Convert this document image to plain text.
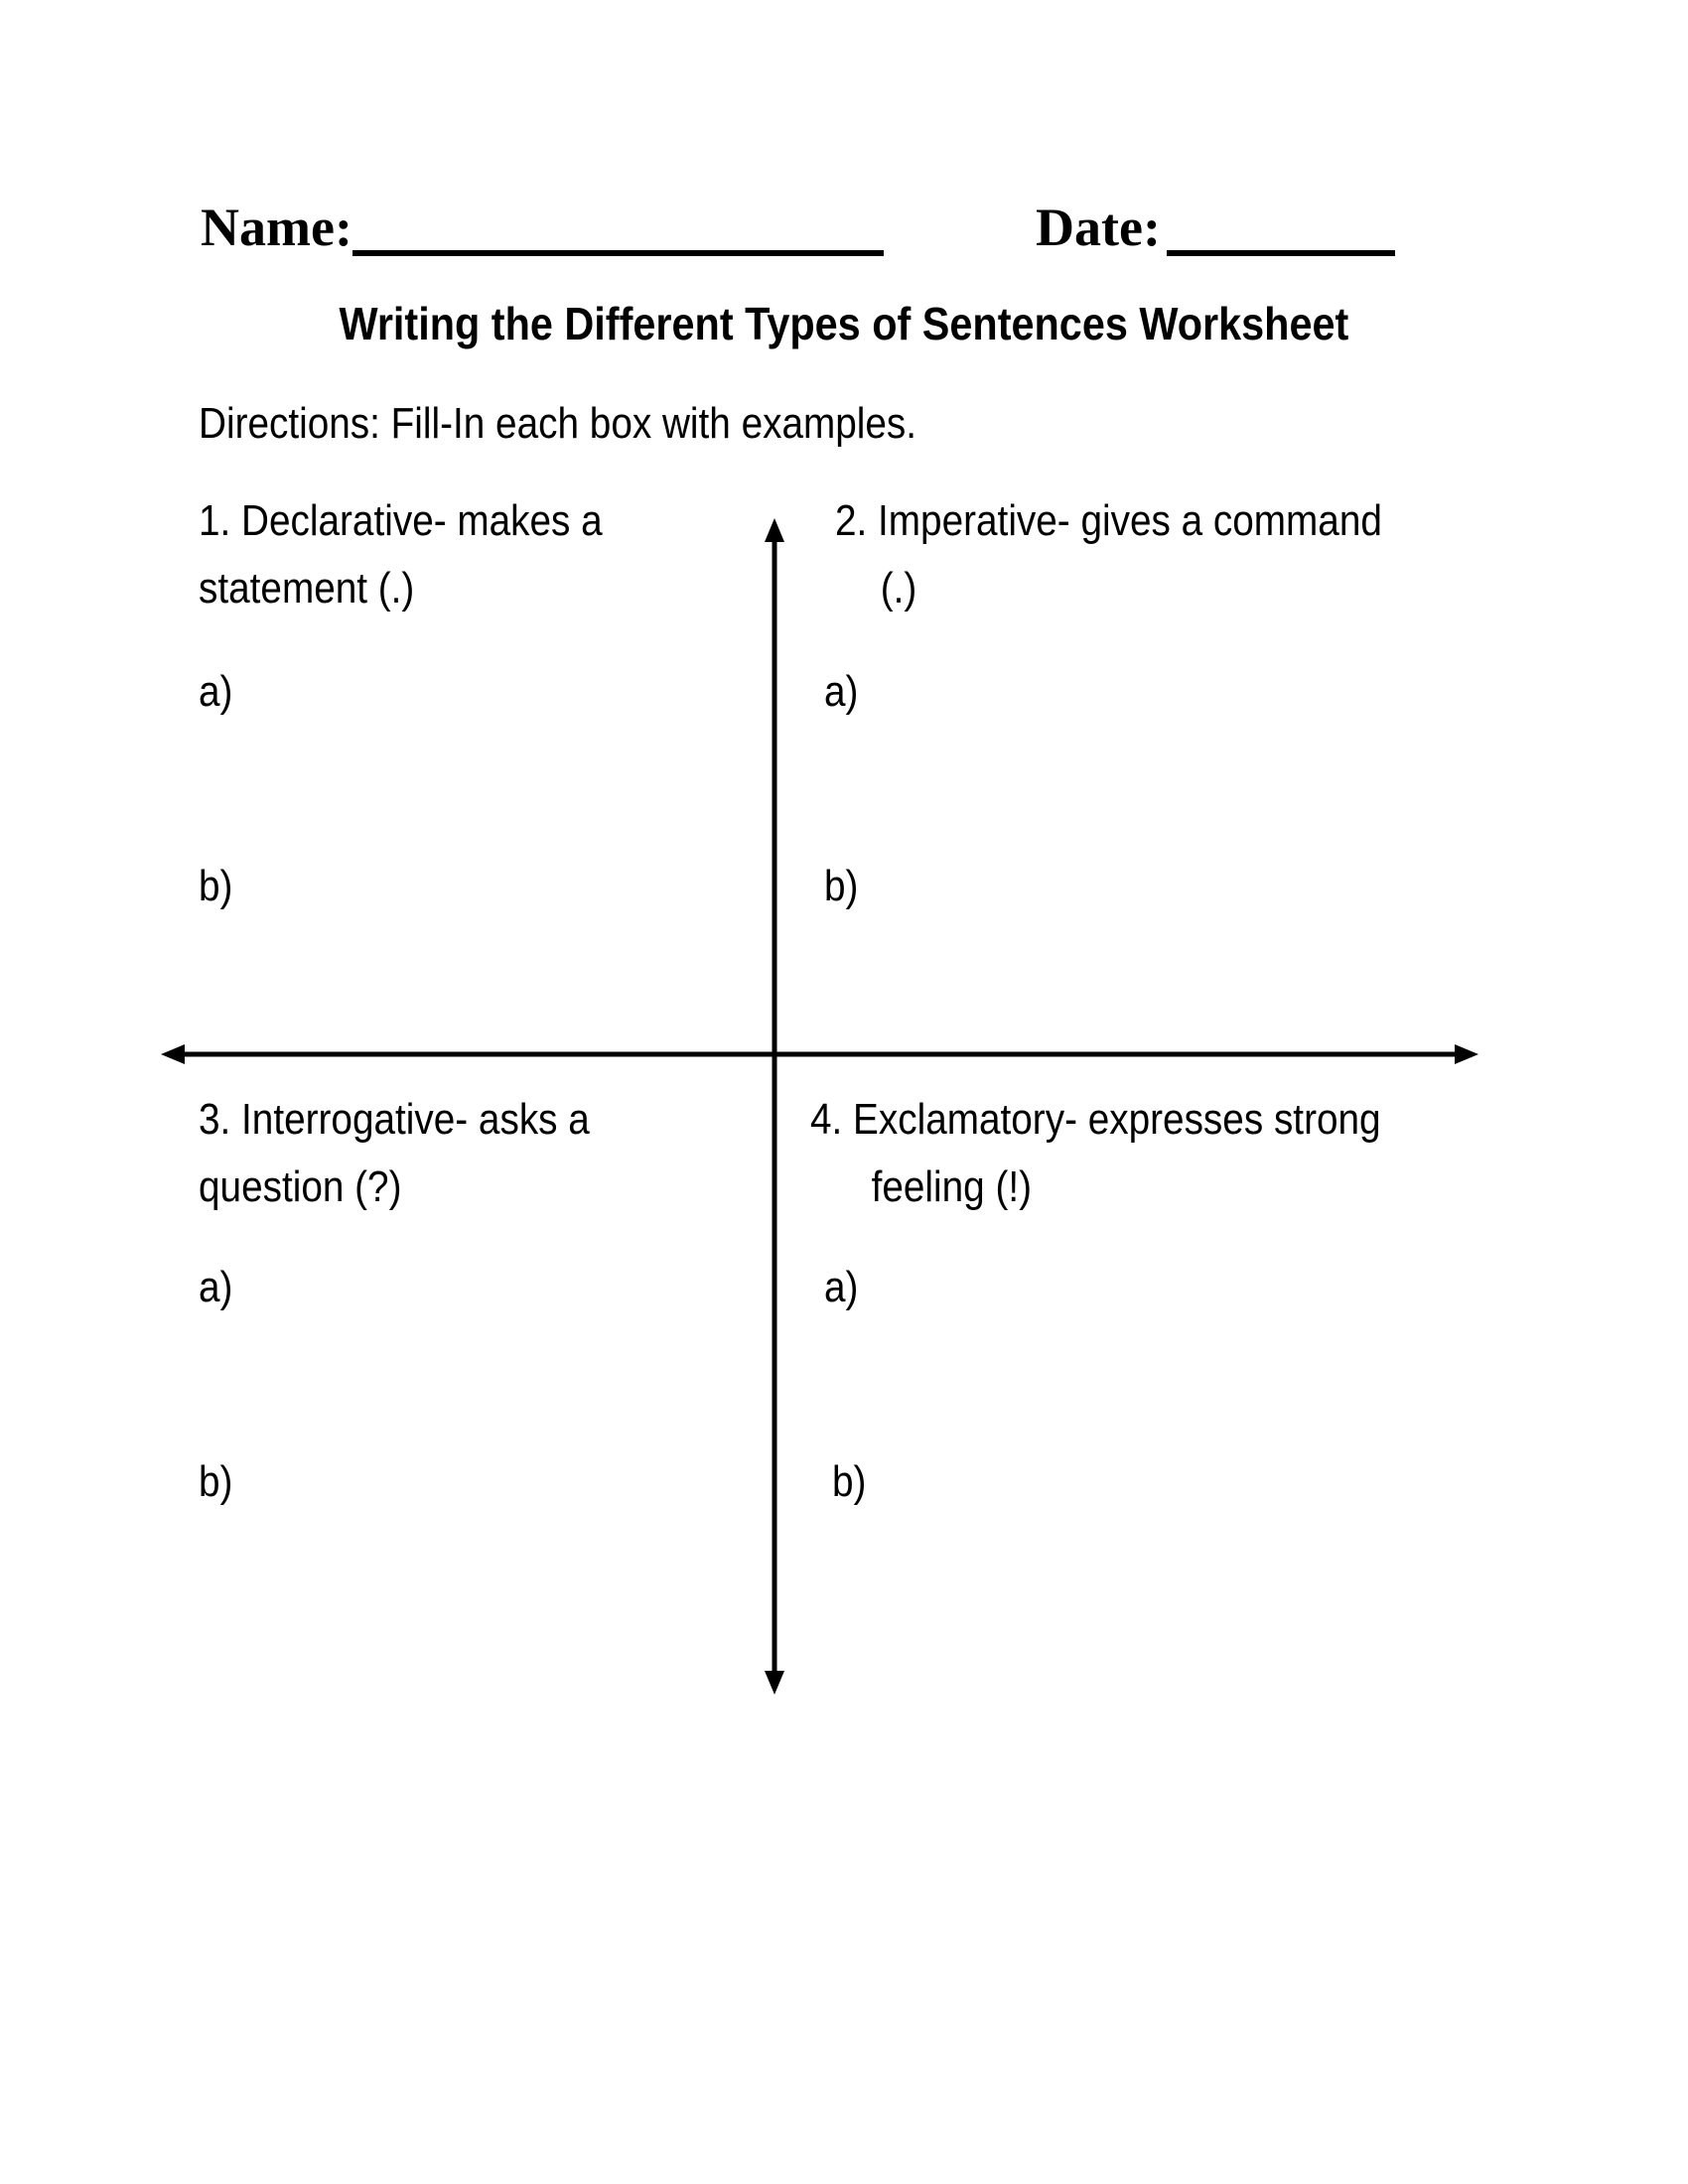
Name:	Date:
Writing the Different Types of Sentences Worksheet
Directions: Fill-In each box with examples.
1. Declarative- makes a
statement (.)
a)
b)
2. Imperative- gives a command
(.)
a)
b)
3. Interrogative- asks a
question (?)
a)
b)
4. Exclamatory- expresses strong
feeling (!)
a)
b)
